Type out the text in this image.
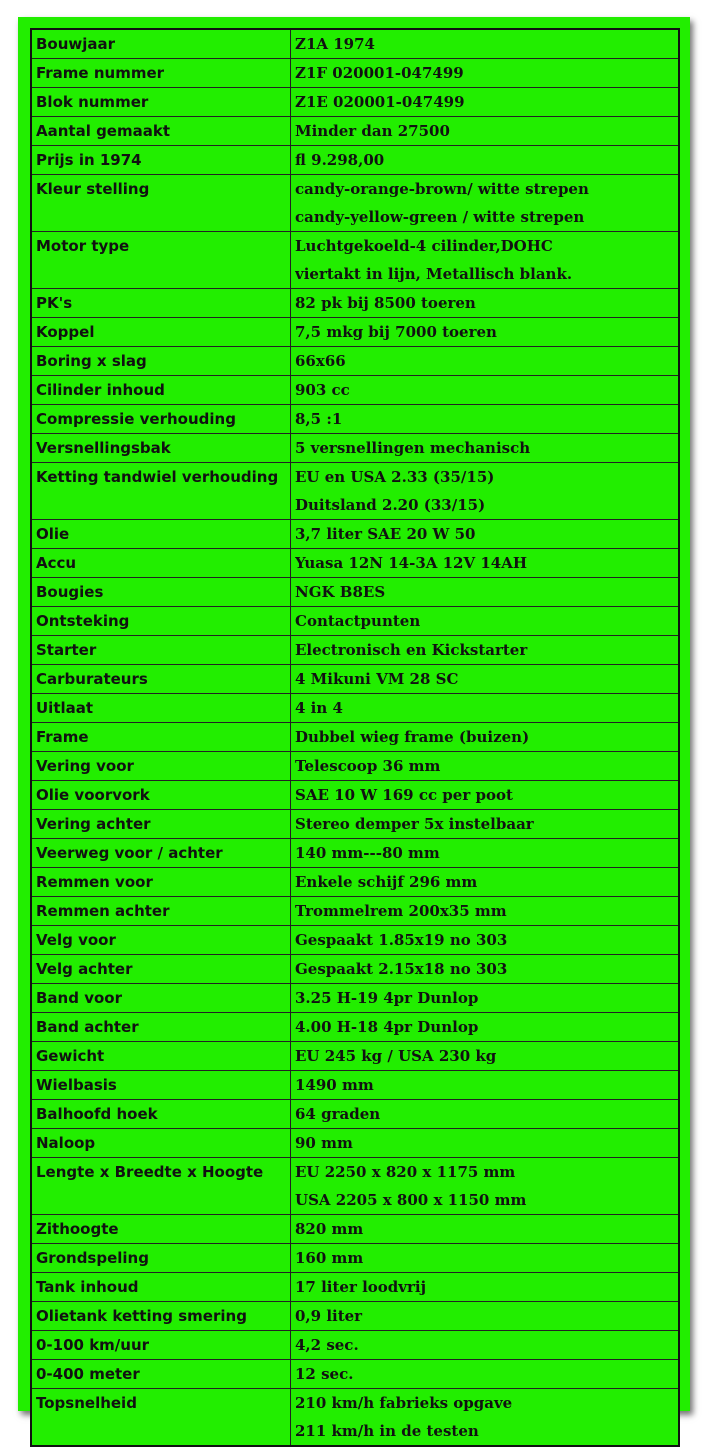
Bouwjaar	Z1A 1974

Frame nummer	Z1F 020001-047499

Blok nummer	Z1E 020001-047499

Aantal gemaakt	Minder dan 27500

Prijs in 1974	fl 9.298,00

Kleur stelling	candy-orange-brown/ witte strepen
candy-yellow-green / witte strepen

Motor type	Luchtgekoeld-4 cilinder,DOHC
viertakt in lijn, Metallisch blank.

PK's	82 pk bij 8500 toeren

Koppel	7,5 mkg bij 7000 toeren

Boring x slag	66x66

Cilinder inhoud	903 cc

Compressie verhouding	8,5 :1

Versnellingsbak	5 versnellingen mechanisch

Ketting tandwiel verhouding	EU en USA 2.33 (35/15)
Duitsland 2.20 (33/15)

Olie	3,7 liter SAE 20 W 50

Accu	Yuasa 12N 14-3A 12V 14AH

Bougies	NGK B8ES

Ontsteking	Contactpunten

Starter	Electronisch en Kickstarter

Carburateurs	4 Mikuni VM 28 SC

Uitlaat	4 in 4

Frame	Dubbel wieg frame (buizen)

Vering voor	Telescoop 36 mm

Olie voorvork	SAE 10 W 169 cc per poot

Vering achter	Stereo demper 5x instelbaar

Veerweg voor / achter	140 mm---80 mm

Remmen voor	Enkele schijf 296 mm

Remmen achter	Trommelrem 200x35 mm

Velg voor	Gespaakt 1.85x19 no 303

Velg achter	Gespaakt 2.15x18 no 303

Band voor	3.25 H-19 4pr Dunlop

Band achter	4.00 H-18 4pr Dunlop

Gewicht	EU 245 kg / USA 230 kg

Wielbasis	1490 mm

Balhoofd hoek	64 graden

Naloop	90 mm

Lengte x Breedte x Hoogte	EU 2250 x 820 x 1175 mm
USA 2205 x 800 x 1150 mm

Zithoogte	820 mm

Grondspeling	160 mm

Tank inhoud	17 liter loodvrij

Olietank ketting smering	0,9 liter

0-100 km/uur	4,2 sec.

0-400 meter	12 sec.

Topsnelheid	210 km/h fabrieks opgave
211 km/h in de testen
